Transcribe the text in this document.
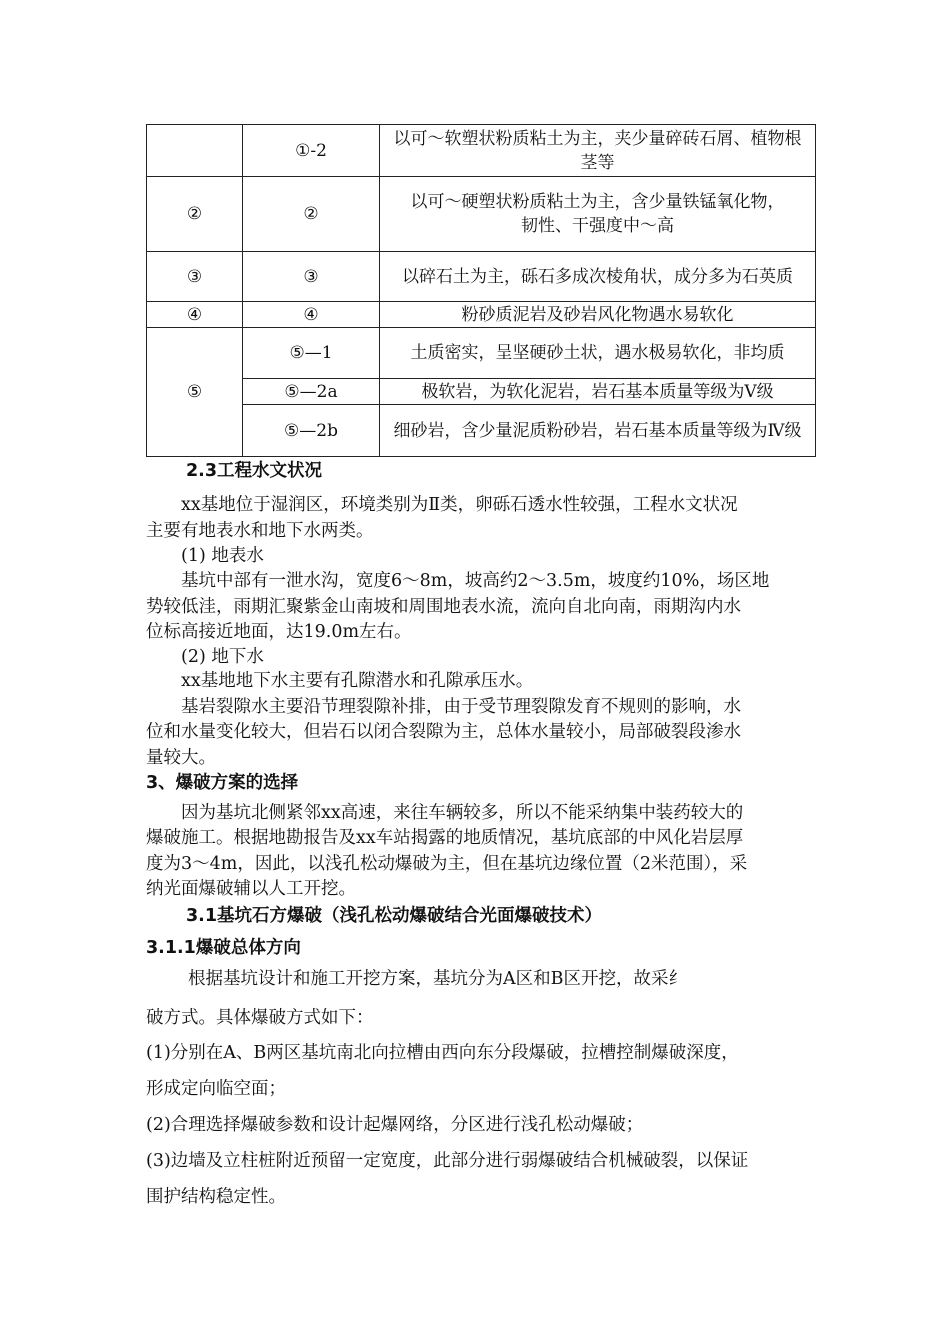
	①-2	以可～软塑状粉质粘土为主，夹少量碎砖石屑、植物根茎等
②	②	以可～硬塑状粉质粘土为主，含少量铁锰氧化物，
韧性、干强度中～高

③	③	以碎石土为主，砾石多成次棱角状，成分多为石英质
④	④	粉砂质泥岩及砂岩风化物遇水易软化
⑤	⑤—1	土质密实，呈坚硬砂土状，遇水极易软化，非均质
	⑤—2a	极软岩，为软化泥岩，岩石基本质量等级为Ⅴ级
	⑤—2b	细砂岩，含少量泥质粉砂岩，岩石基本质量等级为Ⅳ级
2.3工程水文状况
xx基地位于湿润区，环境类别为Ⅱ类，卵砾石透水性较强，工程水文状况
主要有地表水和地下水两类。
(1) 地表水
基坑中部有一泄水沟，宽度6～8m，坡高约2～3.5m，坡度约10%，场区地
势较低洼，雨期汇聚紫金山南坡和周围地表水流，流向自北向南，雨期沟内水
位标高接近地面，达19.0m左右。
(2) 地下水
xx基地地下水主要有孔隙潜水和孔隙承压水。
基岩裂隙水主要沿节理裂隙补排，由于受节理裂隙发育不规则的影响，水
位和水量变化较大，但岩石以闭合裂隙为主，总体水量较小，局部破裂段渗水
量较大。
3、爆破方案的选择
因为基坑北侧紧邻xx高速，来往车辆较多，所以不能采纳集中装药较大的
爆破施工。根据地勘报告及xx车站揭露的地质情况，基坑底部的中风化岩层厚
度为3～4m，因此，以浅孔松动爆破为主，但在基坑边缘位置（2米范围），采
纳光面爆破辅以人工开挖。
3.1基坑石方爆破（浅孔松动爆破结合光面爆破技术）
3.1.1爆破总体方向
根据基坑设计和施工开挖方案，基坑分为A区和B区开挖，故采纟
破方式。具体爆破方式如下：
(1)分别在A、B两区基坑南北向拉槽由西向东分段爆破，拉槽控制爆破深度，
形成定向临空面；
(2)合理选择爆破参数和设计起爆网络，分区进行浅孔松动爆破；
(3)边墙及立柱桩附近预留一定宽度，此部分进行弱爆破结合机械破裂，以保证
围护结构稳定性。
